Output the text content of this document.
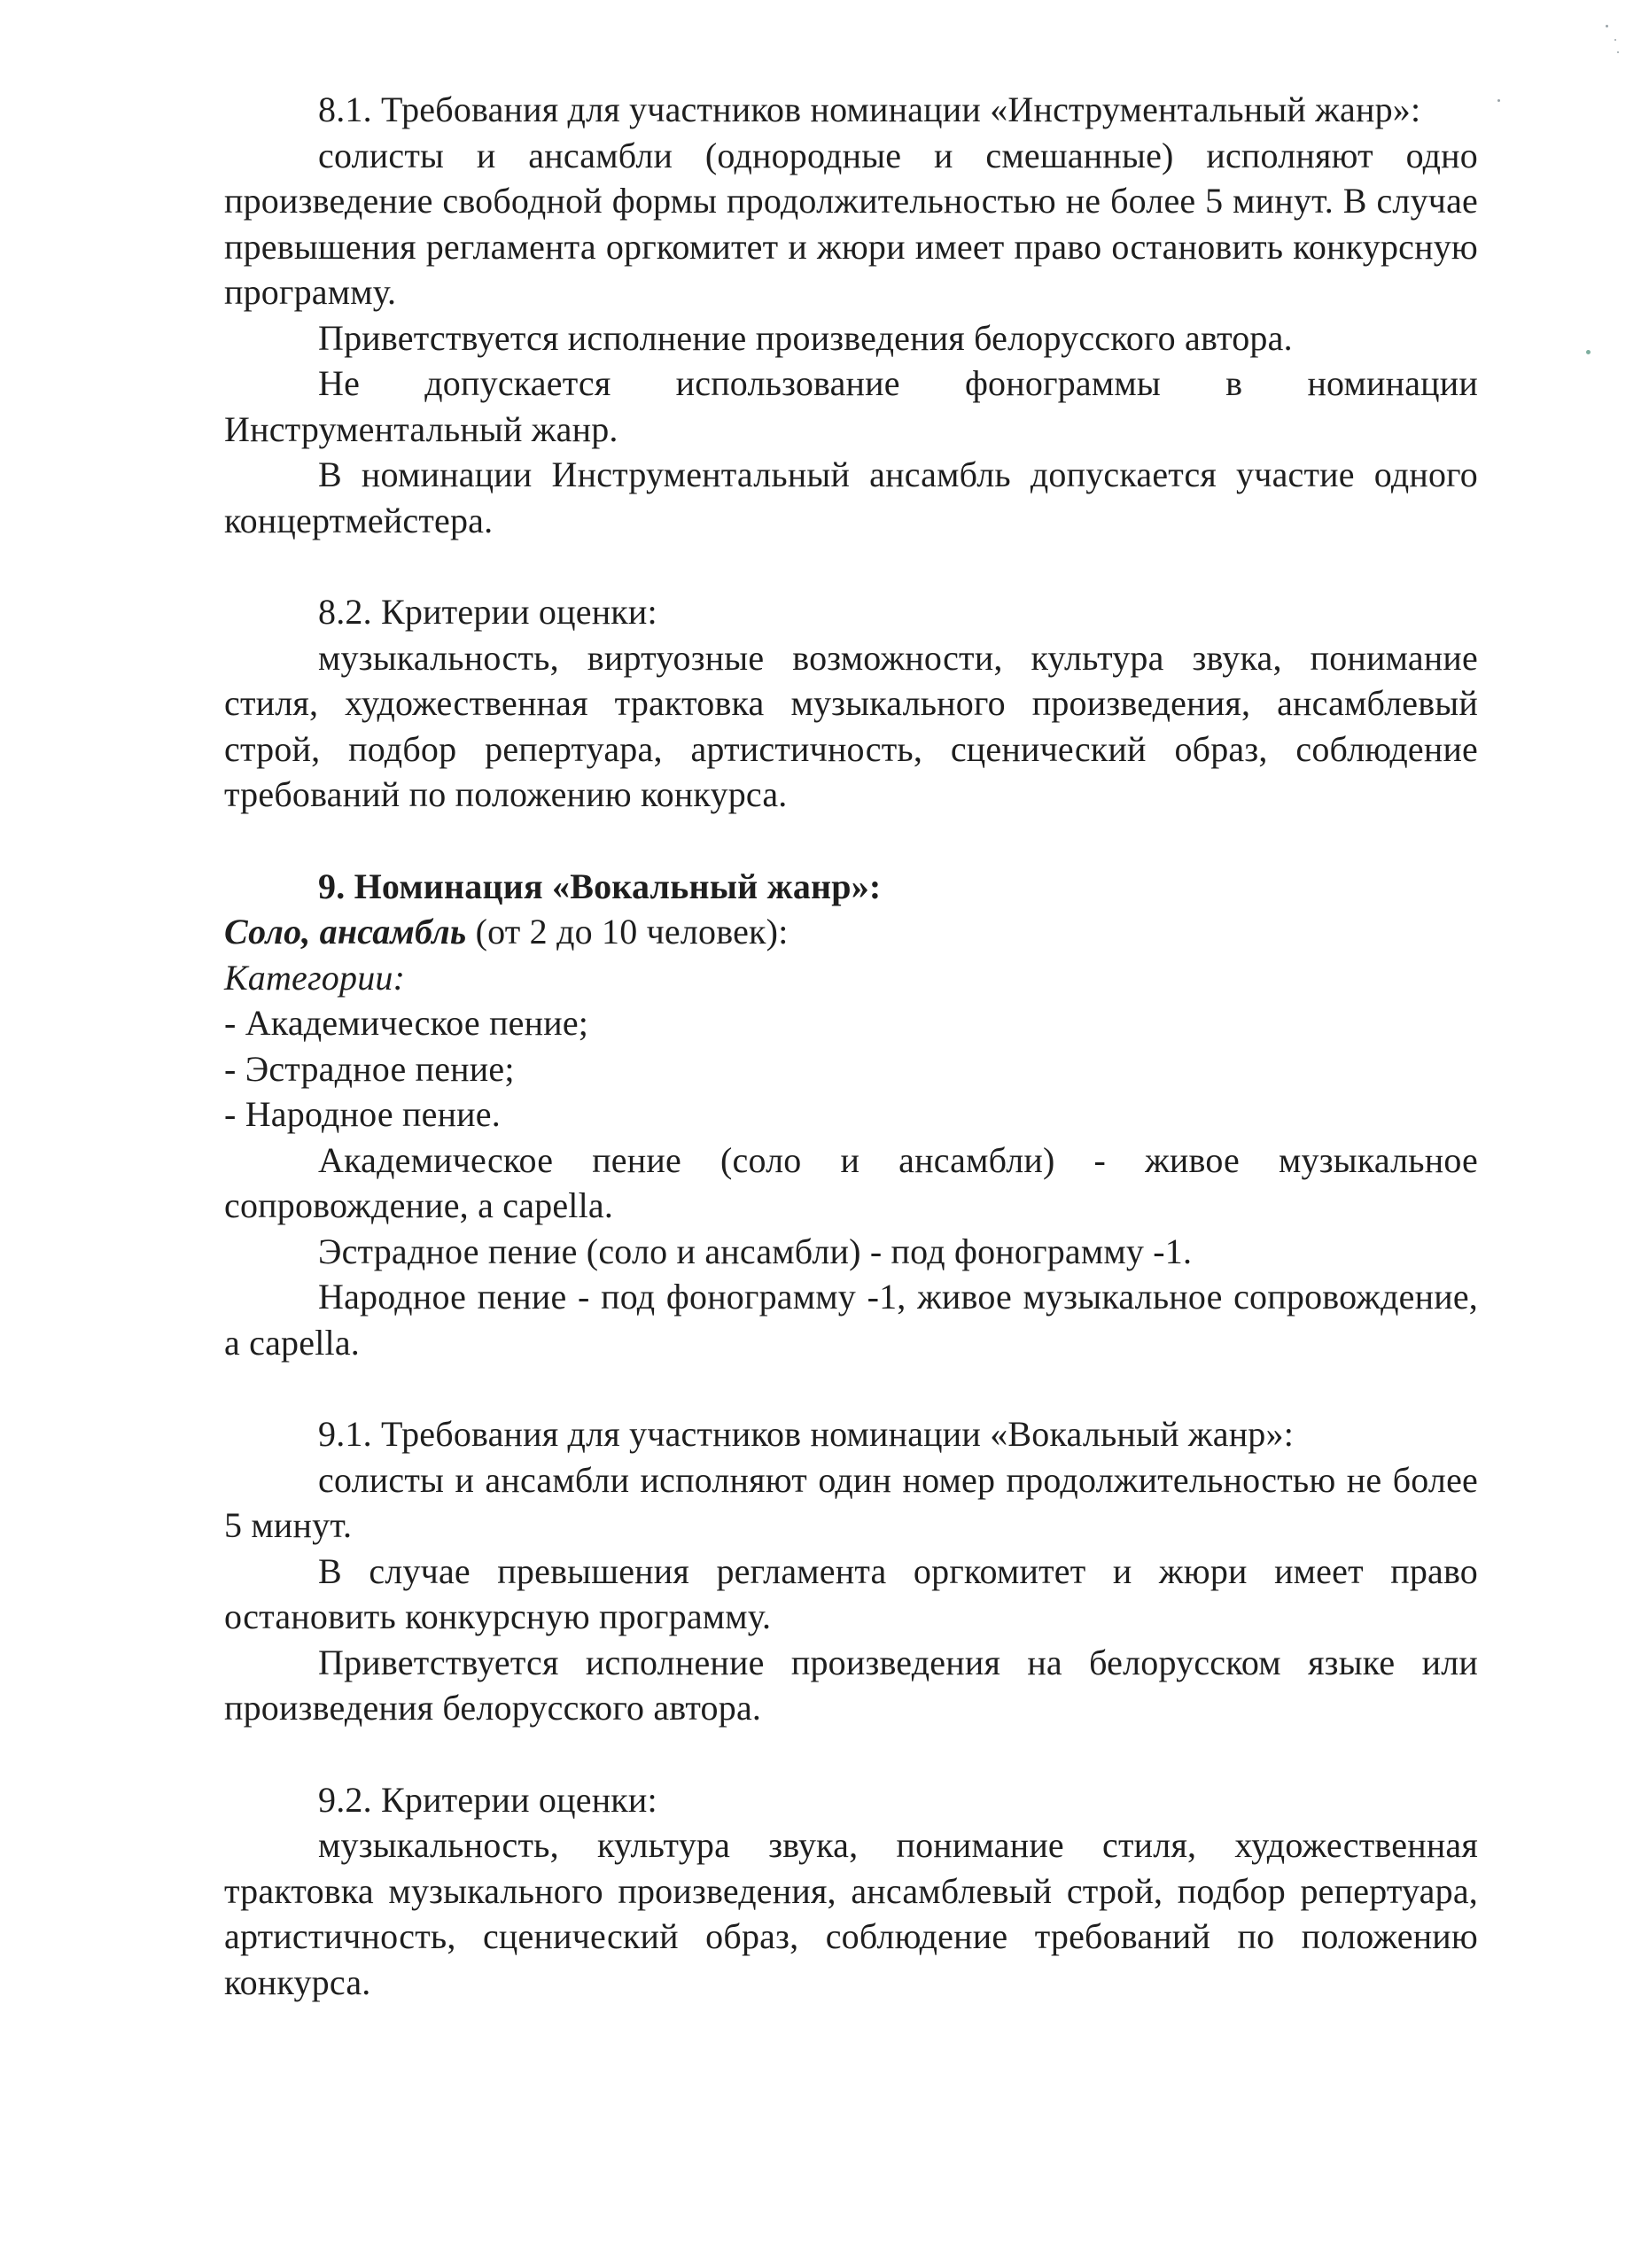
8.1. Требования для участников номинации «Инструментальный жанр»:

солисты и ансамбли (однородные и смешанные) исполняют одно произведение свободной формы продолжительностью не более 5 минут. В случае превышения регламента оргкомитет и жюри имеет право остановить конкурсную программу.

Приветствуется исполнение произведения белорусского автора.

Не допускается использование фонограммы в номинации Инструментальный жанр.

В номинации Инструментальный ансамбль допускается участие одного концертмейстера.

8.2. Критерии оценки:

музыкальность, виртуозные возможности, культура звука, понимание стиля, художественная трактовка музыкального произведения, ансамблевый строй, подбор репертуара, артистичность, сценический образ, соблюдение требований по положению конкурса.

9. Номинация «Вокальный жанр»:

Соло, ансамбль (от 2 до 10 человек):

Категории:

- Академическое пение;

- Эстрадное пение;

- Народное пение.

Академическое пение (соло и ансамбли) - живое музыкальное сопровождение, a capella.

Эстрадное пение (соло и ансамбли) - под фонограмму -1.

Народное пение - под фонограмму -1, живое музыкальное сопровождение, a capella.

9.1. Требования для участников номинации «Вокальный жанр»:

солисты и ансамбли исполняют один номер продолжительностью не более 5 минут.

В случае превышения регламента оргкомитет и жюри имеет право остановить конкурсную программу.

Приветствуется исполнение произведения на белорусском языке или произведения белорусского автора.

9.2. Критерии оценки:

музыкальность, культура звука, понимание стиля, художественная трактовка музыкального произведения, ансамблевый строй, подбор репертуара, артистичность, сценический образ, соблюдение требований по положению конкурса.
